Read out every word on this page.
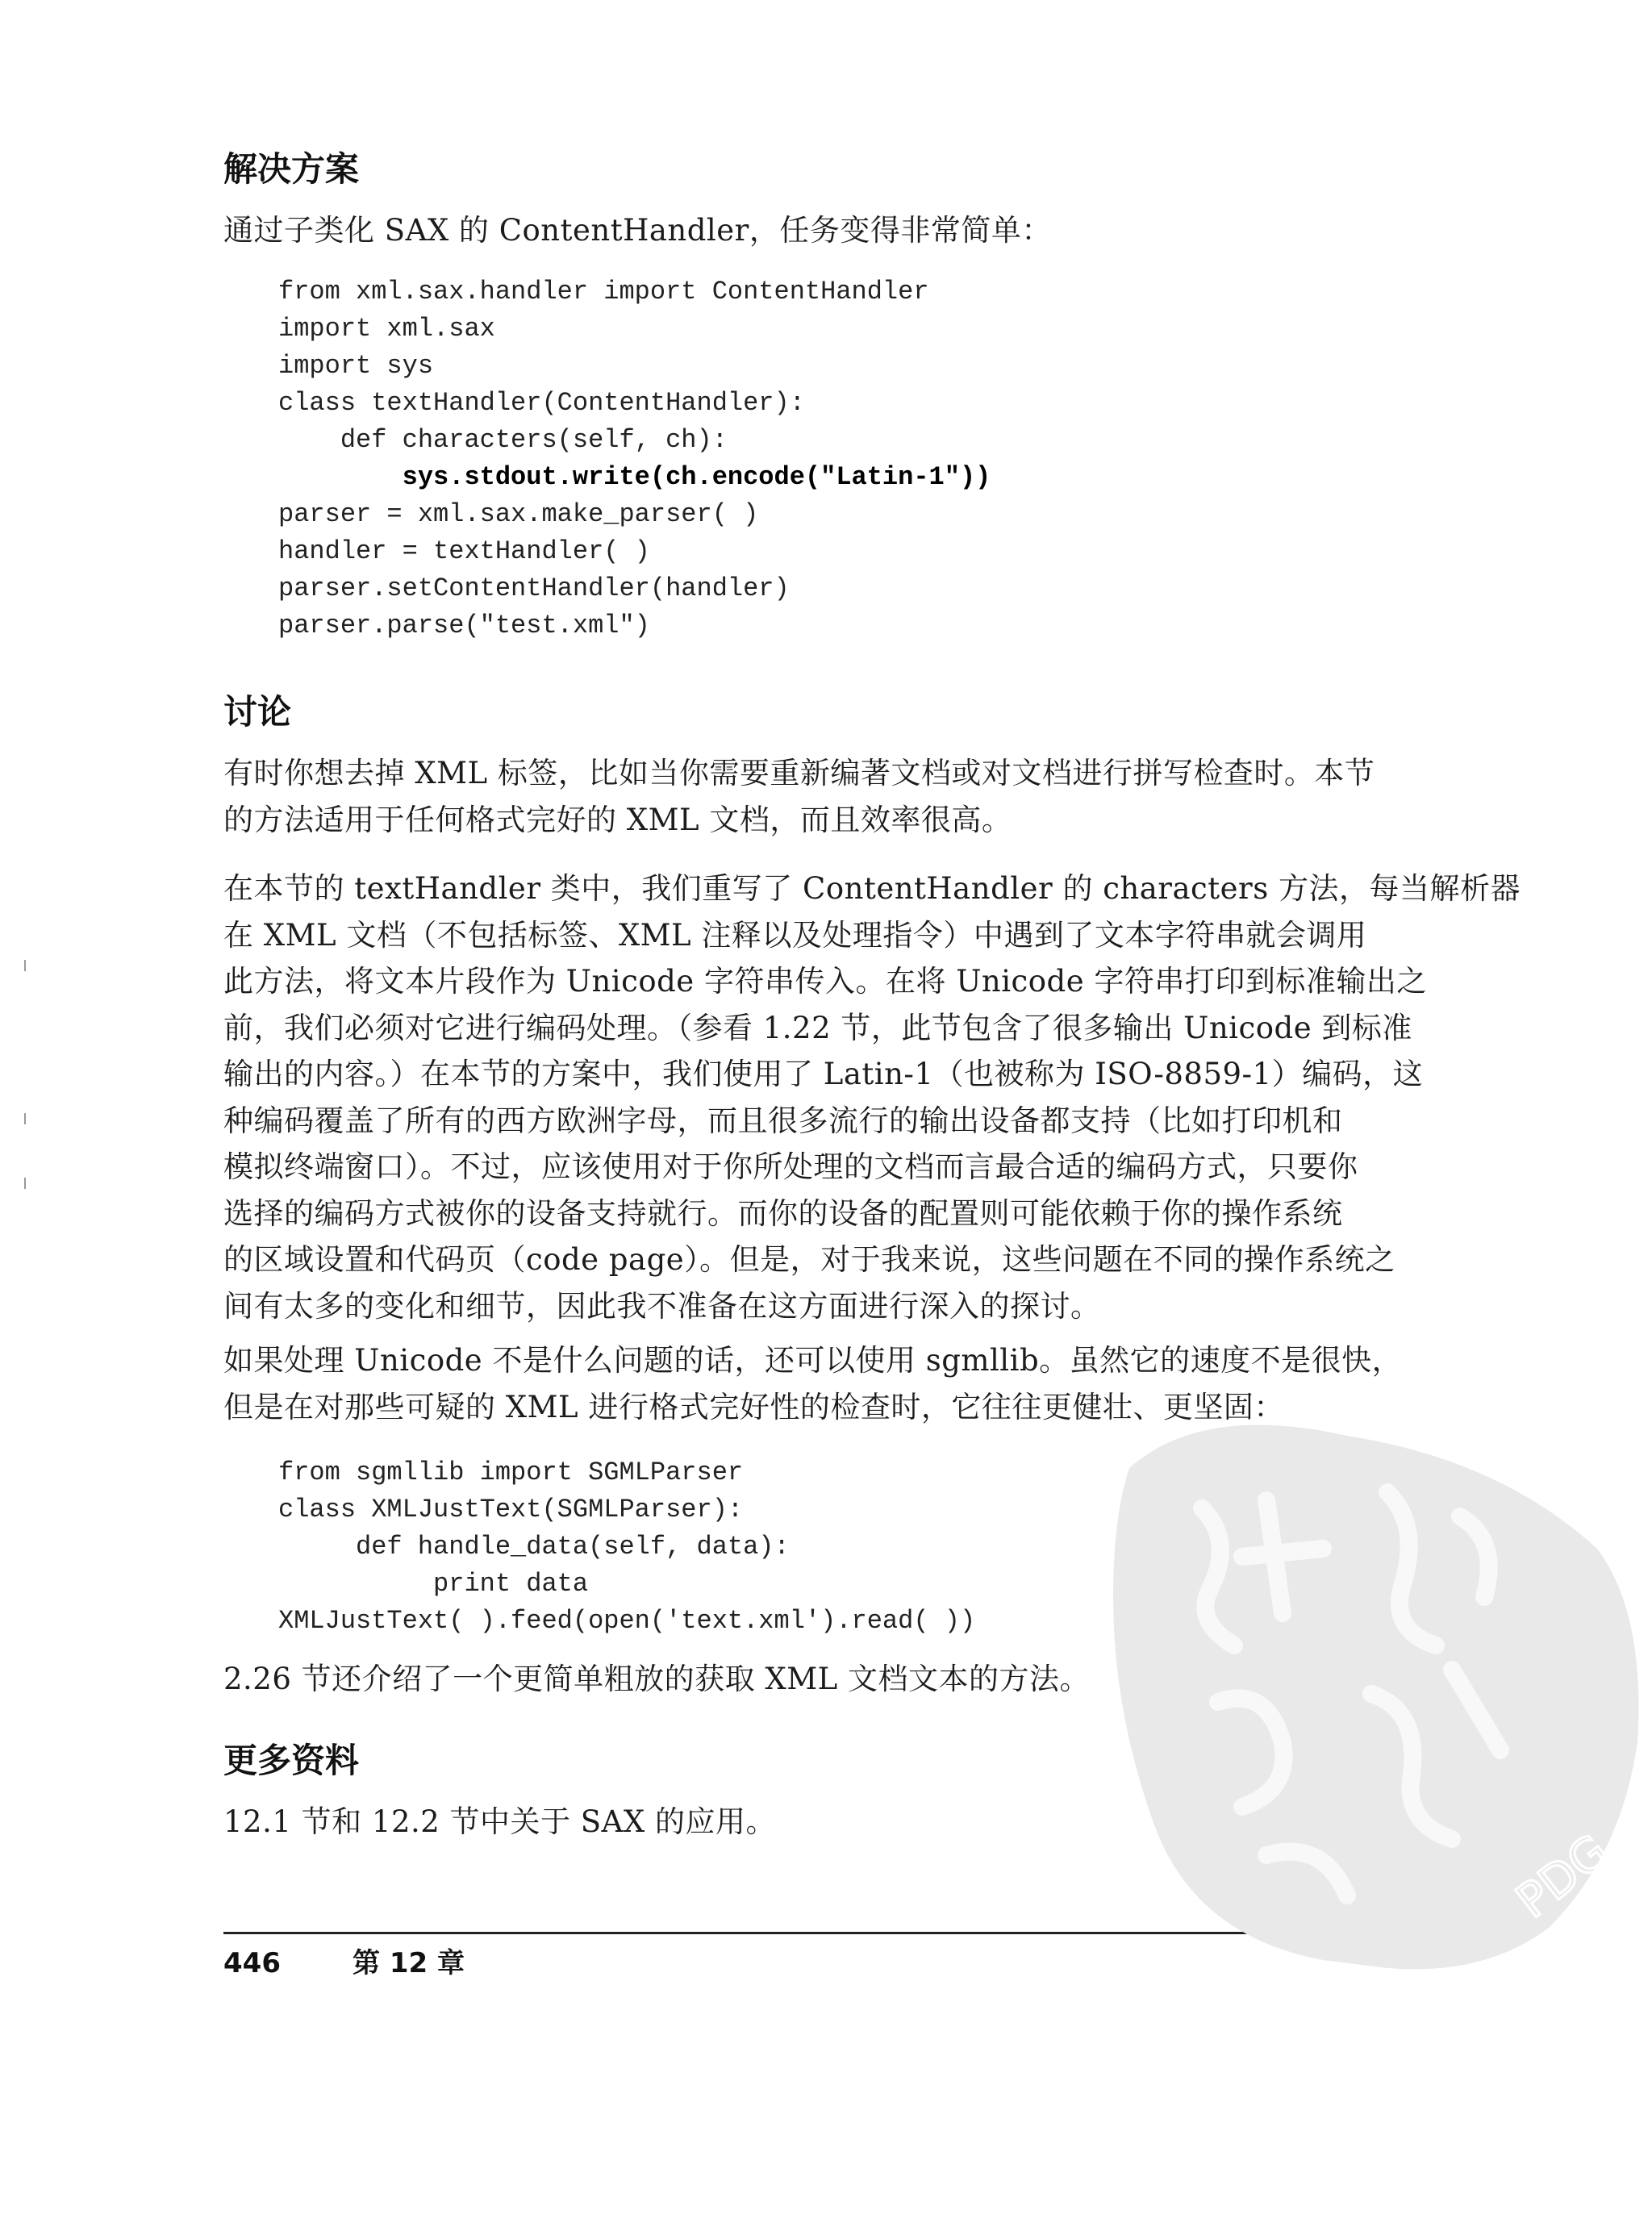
解决方案

通过子类化 SAX 的 ContentHandler，任务变得非常简单：

from xml.sax.handler import ContentHandler
import xml.sax
import sys
class textHandler(ContentHandler):
def characters(self, ch):
sys.stdout.write(ch.encode("Latin-1"))
parser = xml.sax.make_parser( )
handler = textHandler( )
parser.setContentHandler(handler)
parser.parse("test.xml")
讨论

有时你想去掉 XML 标签，比如当你需要重新编著文档或对文档进行拼写检查时。本节
的方法适用于任何格式完好的 XML 文档，而且效率很高。

在本节的 textHandler 类中，我们重写了 ContentHandler 的 characters 方法，每当解析器
在 XML 文档（不包括标签、XML 注释以及处理指令）中遇到了文本字符串就会调用
此方法，将文本片段作为 Unicode 字符串传入。在将 Unicode 字符串打印到标准输出之
前，我们必须对它进行编码处理。（参看 1.22 节，此节包含了很多输出 Unicode 到标准
输出的内容。）在本节的方案中，我们使用了 Latin-1（也被称为 ISO-8859-1）编码，这
种编码覆盖了所有的西方欧洲字母，而且很多流行的输出设备都支持（比如打印机和
模拟终端窗口）。不过，应该使用对于你所处理的文档而言最合适的编码方式，只要你
选择的编码方式被你的设备支持就行。而你的设备的配置则可能依赖于你的操作系统
的区域设置和代码页（code page）。但是，对于我来说，这些问题在不同的操作系统之
间有太多的变化和细节，因此我不准备在这方面进行深入的探讨。

如果处理 Unicode 不是什么问题的话，还可以使用 sgmllib。虽然它的速度不是很快，
但是在对那些可疑的 XML 进行格式完好性的检查时，它往往更健壮、更坚固：

from sgmllib import SGMLParser
class XMLJustText(SGMLParser):
def handle_data(self, data):
print data
XMLJustText( ).feed(open('text.xml').read( ))

2.26 节还介绍了一个更简单粗放的获取 XML 文档文本的方法。

更多资料

12.1 节和 12.2 节中关于 SAX 的应用。

446	第 12 章
PDG
